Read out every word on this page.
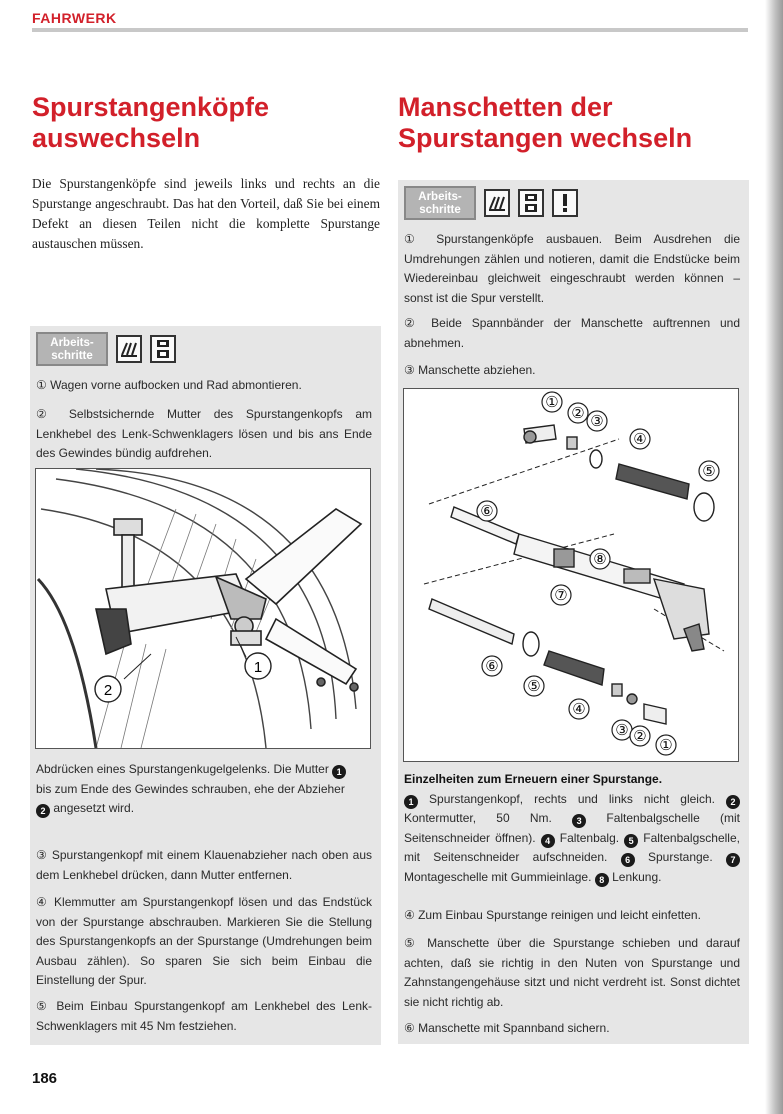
FAHRWERK
Spurstangenköpfe
auswechseln

Die Spurstangenköpfe sind jeweils links und rechts an die Spurstange angeschraubt. Das hat den Vorteil, daß Sie bei einem Defekt an diesen Teilen nicht die komplette Spurstange austauschen müssen.

Arbeits-
schritte

① Wagen vorne aufbocken und Rad abmontieren.

② Selbstsichernde Mutter des Spurstangenkopfs am Lenkhebel des Lenk-Schwenklagers lösen und bis ans Ende des Gewindes bündig aufdrehen.

2
1

Abdrücken eines Spurstangenkugelgelenks. Die Mutter 1
bis zum Ende des Gewindes schrauben, ehe der Abzieher
2 angesetzt wird.

③ Spurstangenkopf mit einem Klauenabzieher nach oben aus dem Lenkhebel drücken, dann Mutter entfernen.

④ Klemmutter am Spurstangenkopf lösen und das Endstück von der Spurstange abschrauben. Markieren Sie die Stellung des Spurstangenkopfs an der Spurstange (Umdrehungen beim Ausbau zählen). So sparen Sie sich beim Einbau die Einstellung der Spur.

⑤ Beim Einbau Spurstangenkopf am Lenkhebel des Lenk-Schwenklagers mit 45 Nm festziehen.

Manschetten der
Spurstangen wechseln
Arbeits-
schritte

① Spurstangenköpfe ausbauen. Beim Ausdrehen die Umdrehungen zählen und notieren, damit die Endstücke beim Wiedereinbau gleichweit eingeschraubt werden können – sonst ist die Spur verstellt.

② Beide Spannbänder der Manschette auftrennen und abnehmen.

③ Manschette abziehen.

①
② ③
④
⑤
⑥
⑦
⑧
⑥
⑤
④
③ ②
①

Einzelheiten zum Erneuern einer Spurstange.
1 Spurstangenkopf, rechts und links nicht gleich. 2 Kontermutter, 50 Nm.	3 Faltenbalgschelle (mit Seitenschneider öffnen). 4 Faltenbalg. 5 Faltenbalgschelle, mit Seitenschneider aufschneiden. 6 Spurstange. 7 Montageschelle mit Gummieinlage. 8 Lenkung.

④ Zum Einbau Spurstange reinigen und leicht einfetten.

⑤ Manschette über die Spurstange schieben und darauf achten, daß sie richtig in den Nuten von Spurstange und Zahnstangengehäuse sitzt und nicht verdreht ist. Sonst dichtet sie nicht richtig ab.

⑥ Manschette mit Spannband sichern.

186
